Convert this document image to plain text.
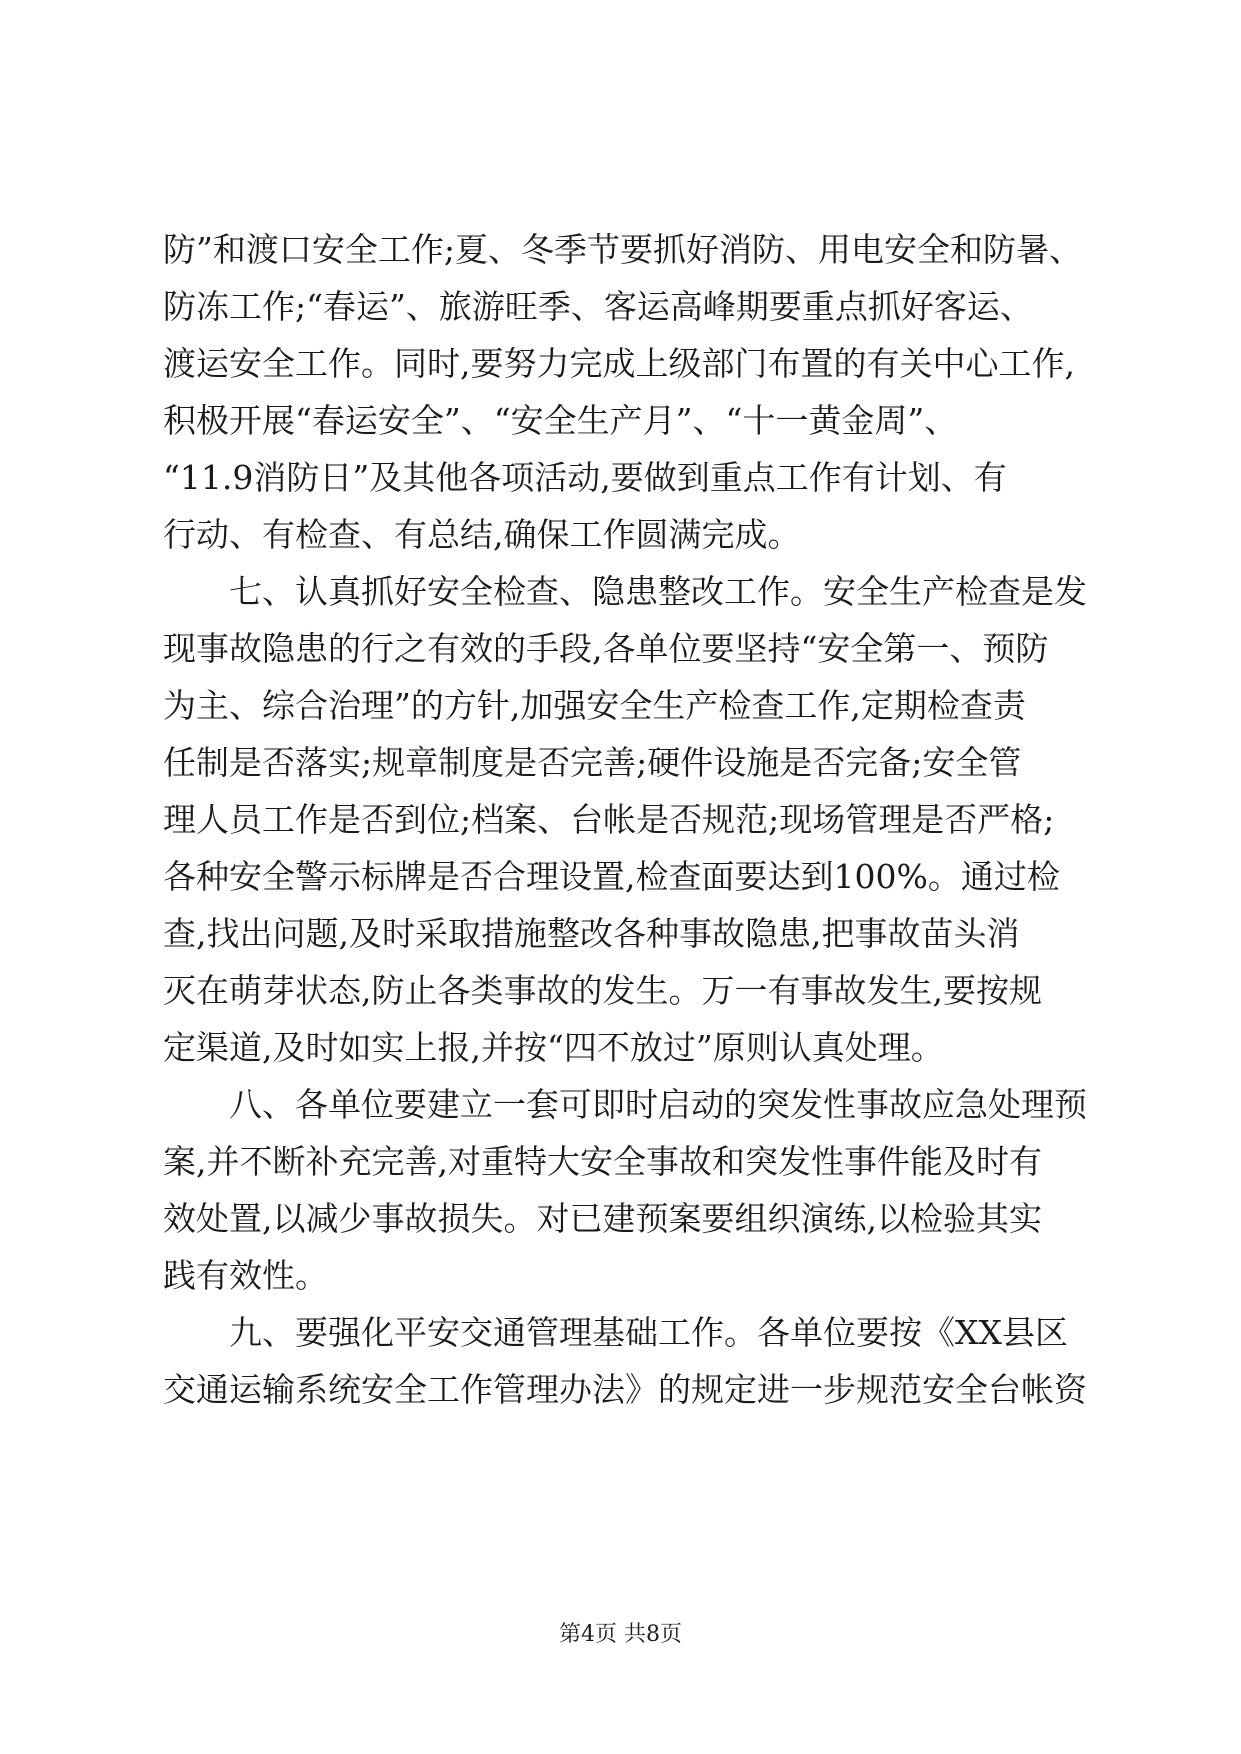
防”和渡口安全工作;夏、冬季节要抓好消防、用电安全和防暑、
防冻工作;“春运”、旅游旺季、客运高峰期要重点抓好客运、
渡运安全工作。同时,要努力完成上级部门布置的有关中心工作,
积极开展“春运安全”、“安全生产月”、“十一黄金周”、
“11.9消防日”及其他各项活动,要做到重点工作有计划、有
行动、有检查、有总结,确保工作圆满完成。
七、认真抓好安全检查、隐患整改工作。安全生产检查是发
现事故隐患的行之有效的手段,各单位要坚持“安全第一、预防
为主、综合治理”的方针,加强安全生产检查工作,定期检查责
任制是否落实;规章制度是否完善;硬件设施是否完备;安全管
理人员工作是否到位;档案、台帐是否规范;现场管理是否严格;
各种安全警示标牌是否合理设置,检查面要达到100%。通过检
查,找出问题,及时采取措施整改各种事故隐患,把事故苗头消
灭在萌芽状态,防止各类事故的发生。万一有事故发生,要按规
定渠道,及时如实上报,并按“四不放过”原则认真处理。
八、各单位要建立一套可即时启动的突发性事故应急处理预
案,并不断补充完善,对重特大安全事故和突发性事件能及时有
效处置,以减少事故损失。对已建预案要组织演练,以检验其实
践有效性。
九、要强化平安交通管理基础工作。各单位要按《XX县区
交通运输系统安全工作管理办法》的规定进一步规范安全台帐资
第4页 共8页
